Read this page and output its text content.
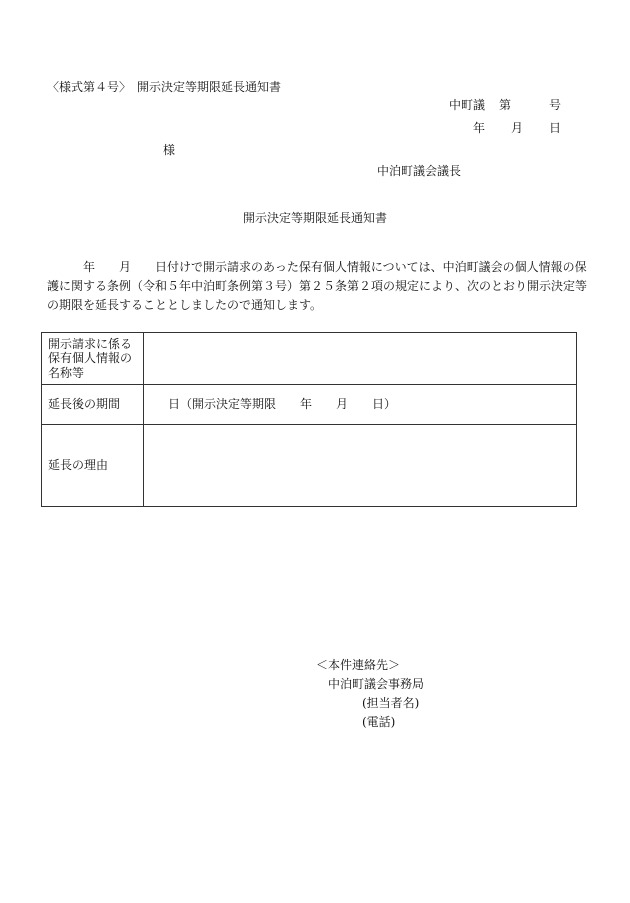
〈様式第４号〉　開示決定等期限延長通知書
中町議 第	号
年 月 日
様
中泊町議会議長
開示決定等期限延長通知書
年　　月　　日付けで開示請求のあった保有個人情報については、中泊町議会の個人情報の保護に関する条例（令和５年中泊町条例第３号）第２５条第２項の規定により、次のとおり開示決定等の期限を延長することとしましたので通知します。
開示請求に係る保有個人情報の名称等	
延長後の期間	日（開示決定等期限　　年　　月　　日）
延長の理由	
＜本件連絡先＞
中泊町議会事務局
(担当者名)
(電話)
